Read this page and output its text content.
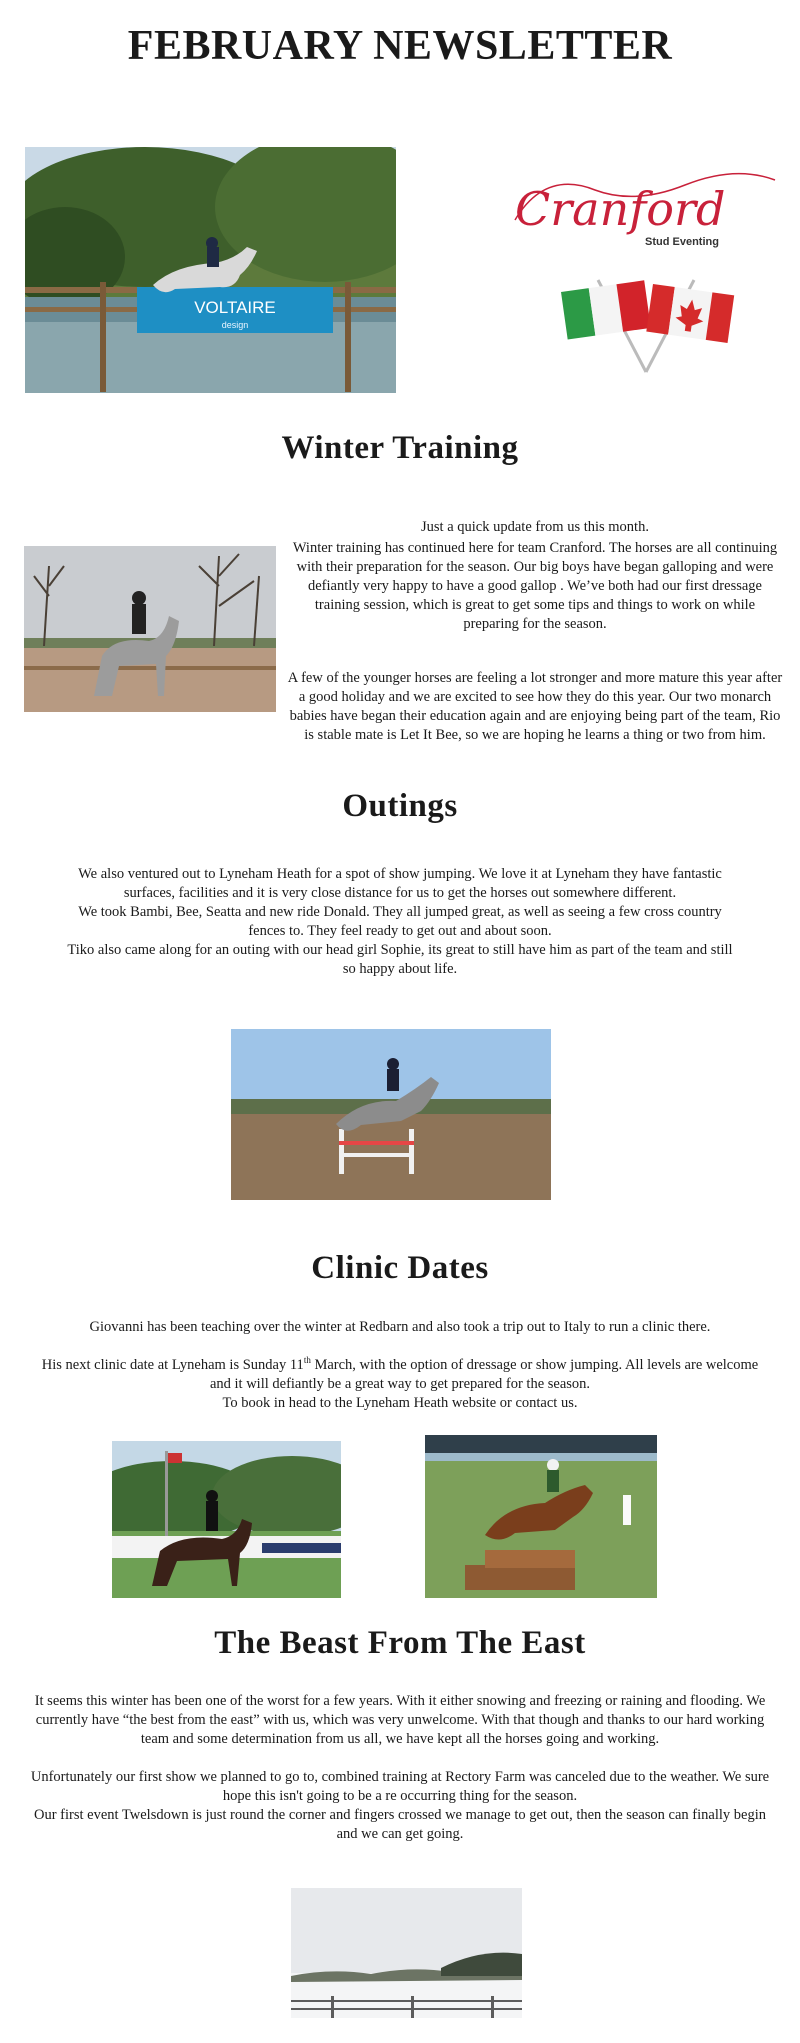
FEBRUARY NEWSLETTER
VOLTAIRE
design
Cranford
Stud Eventing
Winter Training

Just a quick update from us this month.

Winter training has continued here for team Cranford. The horses are all continuing with their preparation for the season. Our big boys have began galloping and were defiantly very happy to have a good gallop . We’ve both had our first dressage training session, which is great to get some tips and things to work on while preparing for the season.

A few of the younger horses are feeling a lot stronger and more mature this year after a good holiday and we are excited to see how they do this year. Our two monarch babies have began their education again and are enjoying being part of the team, Rio is stable mate is Let It Bee, so we are hoping he learns a thing or two from him.

Outings

We also ventured out to Lyneham Heath for a spot of show jumping. We love it at Lyneham they have fantastic surfaces, facilities and it is very close distance for us to get the horses out somewhere different.

We took Bambi, Bee, Seatta and new ride Donald. They all jumped great, as well as seeing a few cross country fences to. They feel ready to get out and about soon.

Tiko also came along for an outing with our head girl Sophie, its great to still have him as part of the team and still so happy about life.

Clinic Dates

Giovanni has been teaching over the winter at Redbarn and also took a trip out to Italy to run a clinic there.

His next clinic date at Lyneham is Sunday 11th March, with the option of dressage or show jumping. All levels are welcome and it will defiantly be a great way to get prepared for the season.

To book in head to the Lyneham Heath website or contact us.

The Beast From The East

It seems this winter has been one of the worst for a few years. With it either snowing and freezing or raining and flooding. We currently have “the best from the east” with us, which was very unwelcome. With that though and thanks to our hard working team and some determination from us all, we have kept all the horses going and working.

Unfortunately our first show we planned to go to, combined training at Rectory Farm was canceled due to the weather. We sure hope this isn't going to be a re occurring thing for the season.

Our first event Twelsdown is just round the corner and fingers crossed we manage to get out, then the season can finally begin and we can get going.
